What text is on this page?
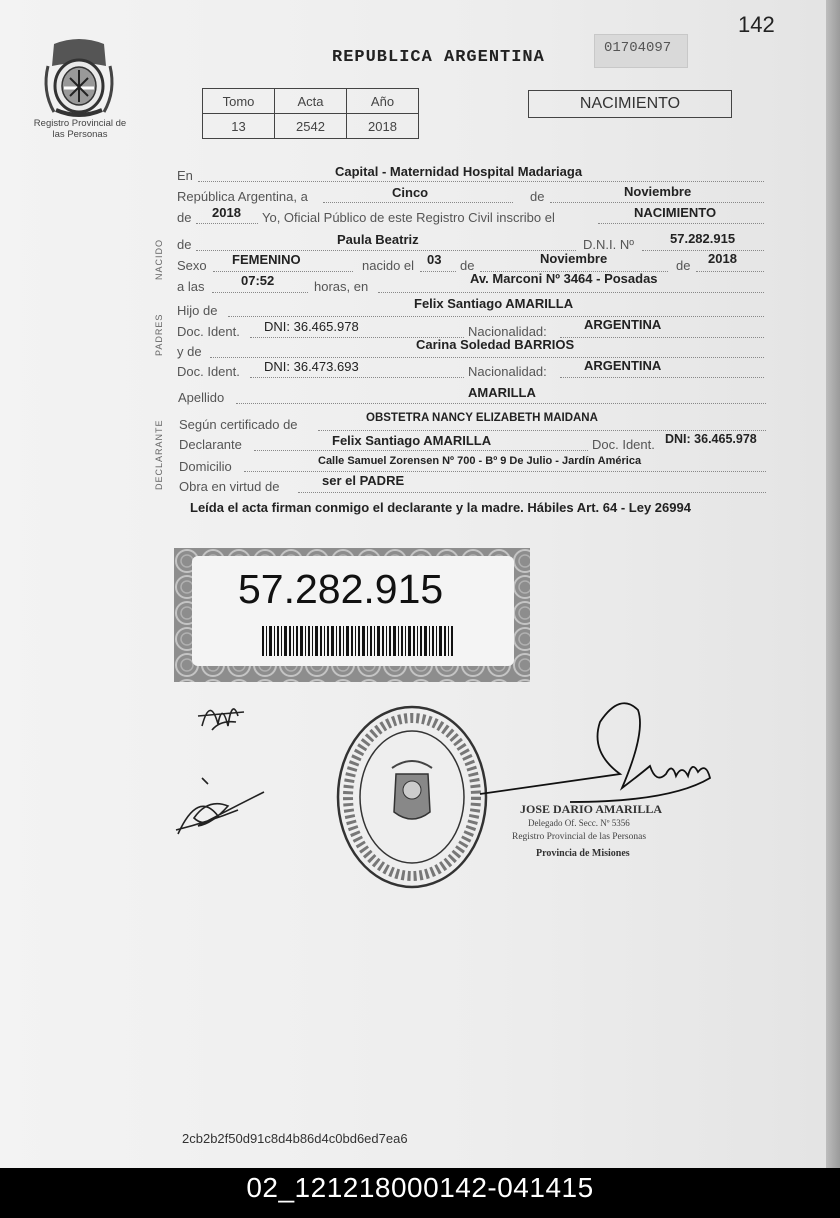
142
Registro Provincial de las Personas
REPUBLICA ARGENTINA	01704097
Tomo	Acta	Año
13	2542	2018
NACIMIENTO
NACIDO
PADRES
DECLARANTE
En	Capital - Maternidad Hospital Madariaga
República Argentina, a	Cinco	de	Noviembre
de 2018 Yo, Oficial Público de este Registro Civil inscribo el	NACIMIENTO
de	Paula Beatriz	D.N.I. Nº	57.282.915
Sexo FEMENINO	nacido el 03 de	Noviembre	de 2018
a las	07:52	horas, en
Av. Marconi Nº 3464 - Posadas
Hijo de	Felix Santiago AMARILLA
Doc. Ident. DNI: 36.465.978	Nacionalidad:	ARGENTINA
y de	Carina Soledad BARRIOS
Doc. Ident. DNI: 36.473.693	Nacionalidad:	ARGENTINA
Apellido	AMARILLA
Según certificado de	OBSTETRA NANCY ELIZABETH MAIDANA
Declarante	Felix Santiago AMARILLA	Doc. Ident. DNI: 36.465.978
Domicilio	Calle Samuel Zorensen Nº 700 - Bº 9 De Julio - Jardín América
Obra en virtud de	ser el PADRE
Leída el acta firman conmigo el declarante y la madre. Hábiles Art. 64 - Ley 26994
57.282.915
JOSE DARIO AMARILLA
Delegado Of. Secc. Nº 5356
Registro Provincial de las Personas
Provincia de Misiones
2cb2b2f50d91c8d4b86d4c0bd6ed7ea6
02_121218000142-041415
